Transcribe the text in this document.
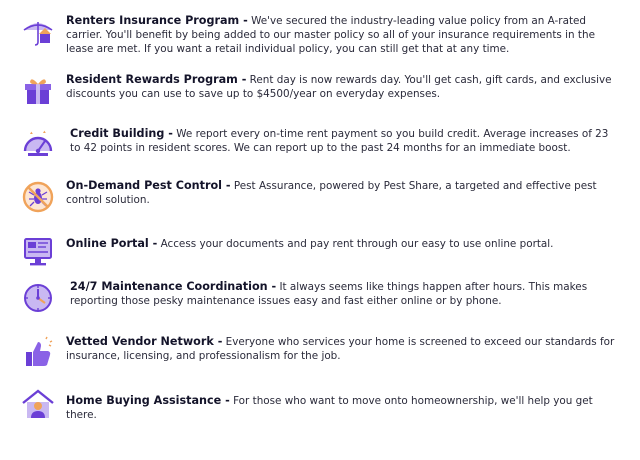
Renters Insurance Program - We've secured the industry-leading value policy from an A-rated carrier. You'll benefit by being added to our master policy so all of your insurance requirements in the lease are met. If you want a retail individual policy, you can still get that at any time.
Resident Rewards Program - Rent day is now rewards day. You'll get cash, gift cards, and exclusive discounts you can use to save up to $4500/year on everyday expenses.
Credit Building - We report every on-time rent payment so you build credit. Average increases of 23 to 42 points in resident scores. We can report up to the past 24 months for an immediate boost.
On-Demand Pest Control - Pest Assurance, powered by Pest Share, a targeted and effective pest control solution.
Online Portal - Access your documents and pay rent through our easy to use online portal.
24/7 Maintenance Coordination - It always seems like things happen after hours. This makes reporting those pesky maintenance issues easy and fast either online or by phone.
Vetted Vendor Network - Everyone who services your home is screened to exceed our standards for insurance, licensing, and professionalism for the job.
Home Buying Assistance - For those who want to move onto homeownership, we'll help you get there.
